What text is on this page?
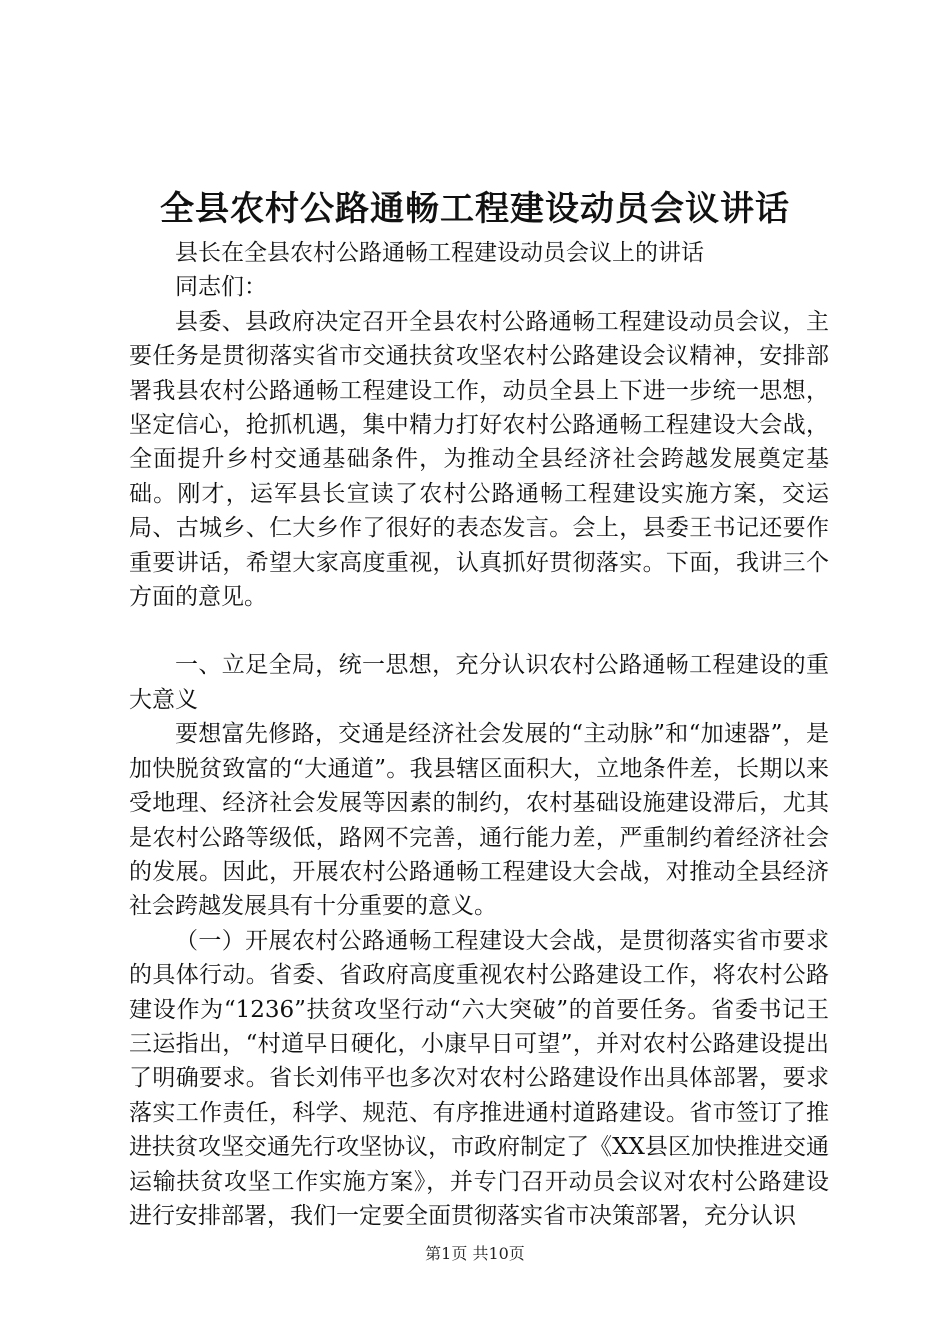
全县农村公路通畅工程建设动员会议讲话

县长在全县农村公路通畅工程建设动员会议上的讲话

同志们：

县委、县政府决定召开全县农村公路通畅工程建设动员会议，主要任务是贯彻落实省市交通扶贫攻坚农村公路建设会议精神，安排部署我县农村公路通畅工程建设工作，动员全县上下进一步统一思想，坚定信心，抢抓机遇，集中精力打好农村公路通畅工程建设大会战，全面提升乡村交通基础条件，为推动全县经济社会跨越发展奠定基础。刚才，运军县长宣读了农村公路通畅工程建设实施方案，交运局、古城乡、仁大乡作了很好的表态发言。会上，县委王书记还要作重要讲话，希望大家高度重视，认真抓好贯彻落实。下面，我讲三个方面的意见。

一、立足全局，统一思想，充分认识农村公路通畅工程建设的重大意义

要想富先修路，交通是经济社会发展的“主动脉”和“加速器”，是加快脱贫致富的“大通道”。我县辖区面积大，立地条件差，长期以来受地理、经济社会发展等因素的制约，农村基础设施建设滞后，尤其是农村公路等级低，路网不完善，通行能力差，严重制约着经济社会的发展。因此，开展农村公路通畅工程建设大会战，对推动全县经济社会跨越发展具有十分重要的意义。

（一）开展农村公路通畅工程建设大会战，是贯彻落实省市要求的具体行动。省委、省政府高度重视农村公路建设工作，将农村公路建设作为“1236”扶贫攻坚行动“六大突破”的首要任务。省委书记王三运指出，“村道早日硬化，小康早日可望”，并对农村公路建设提出了明确要求。省长刘伟平也多次对农村公路建设作出具体部署，要求落实工作责任，科学、规范、有序推进通村道路建设。省市签订了推进扶贫攻坚交通先行攻坚协议，市政府制定了《XX县区加快推进交通运输扶贫攻坚工作实施方案》，并专门召开动员会议对农村公路建设进行安排部署，我们一定要全面贯彻落实省市决策部署，充分认识

第1页 共10页
